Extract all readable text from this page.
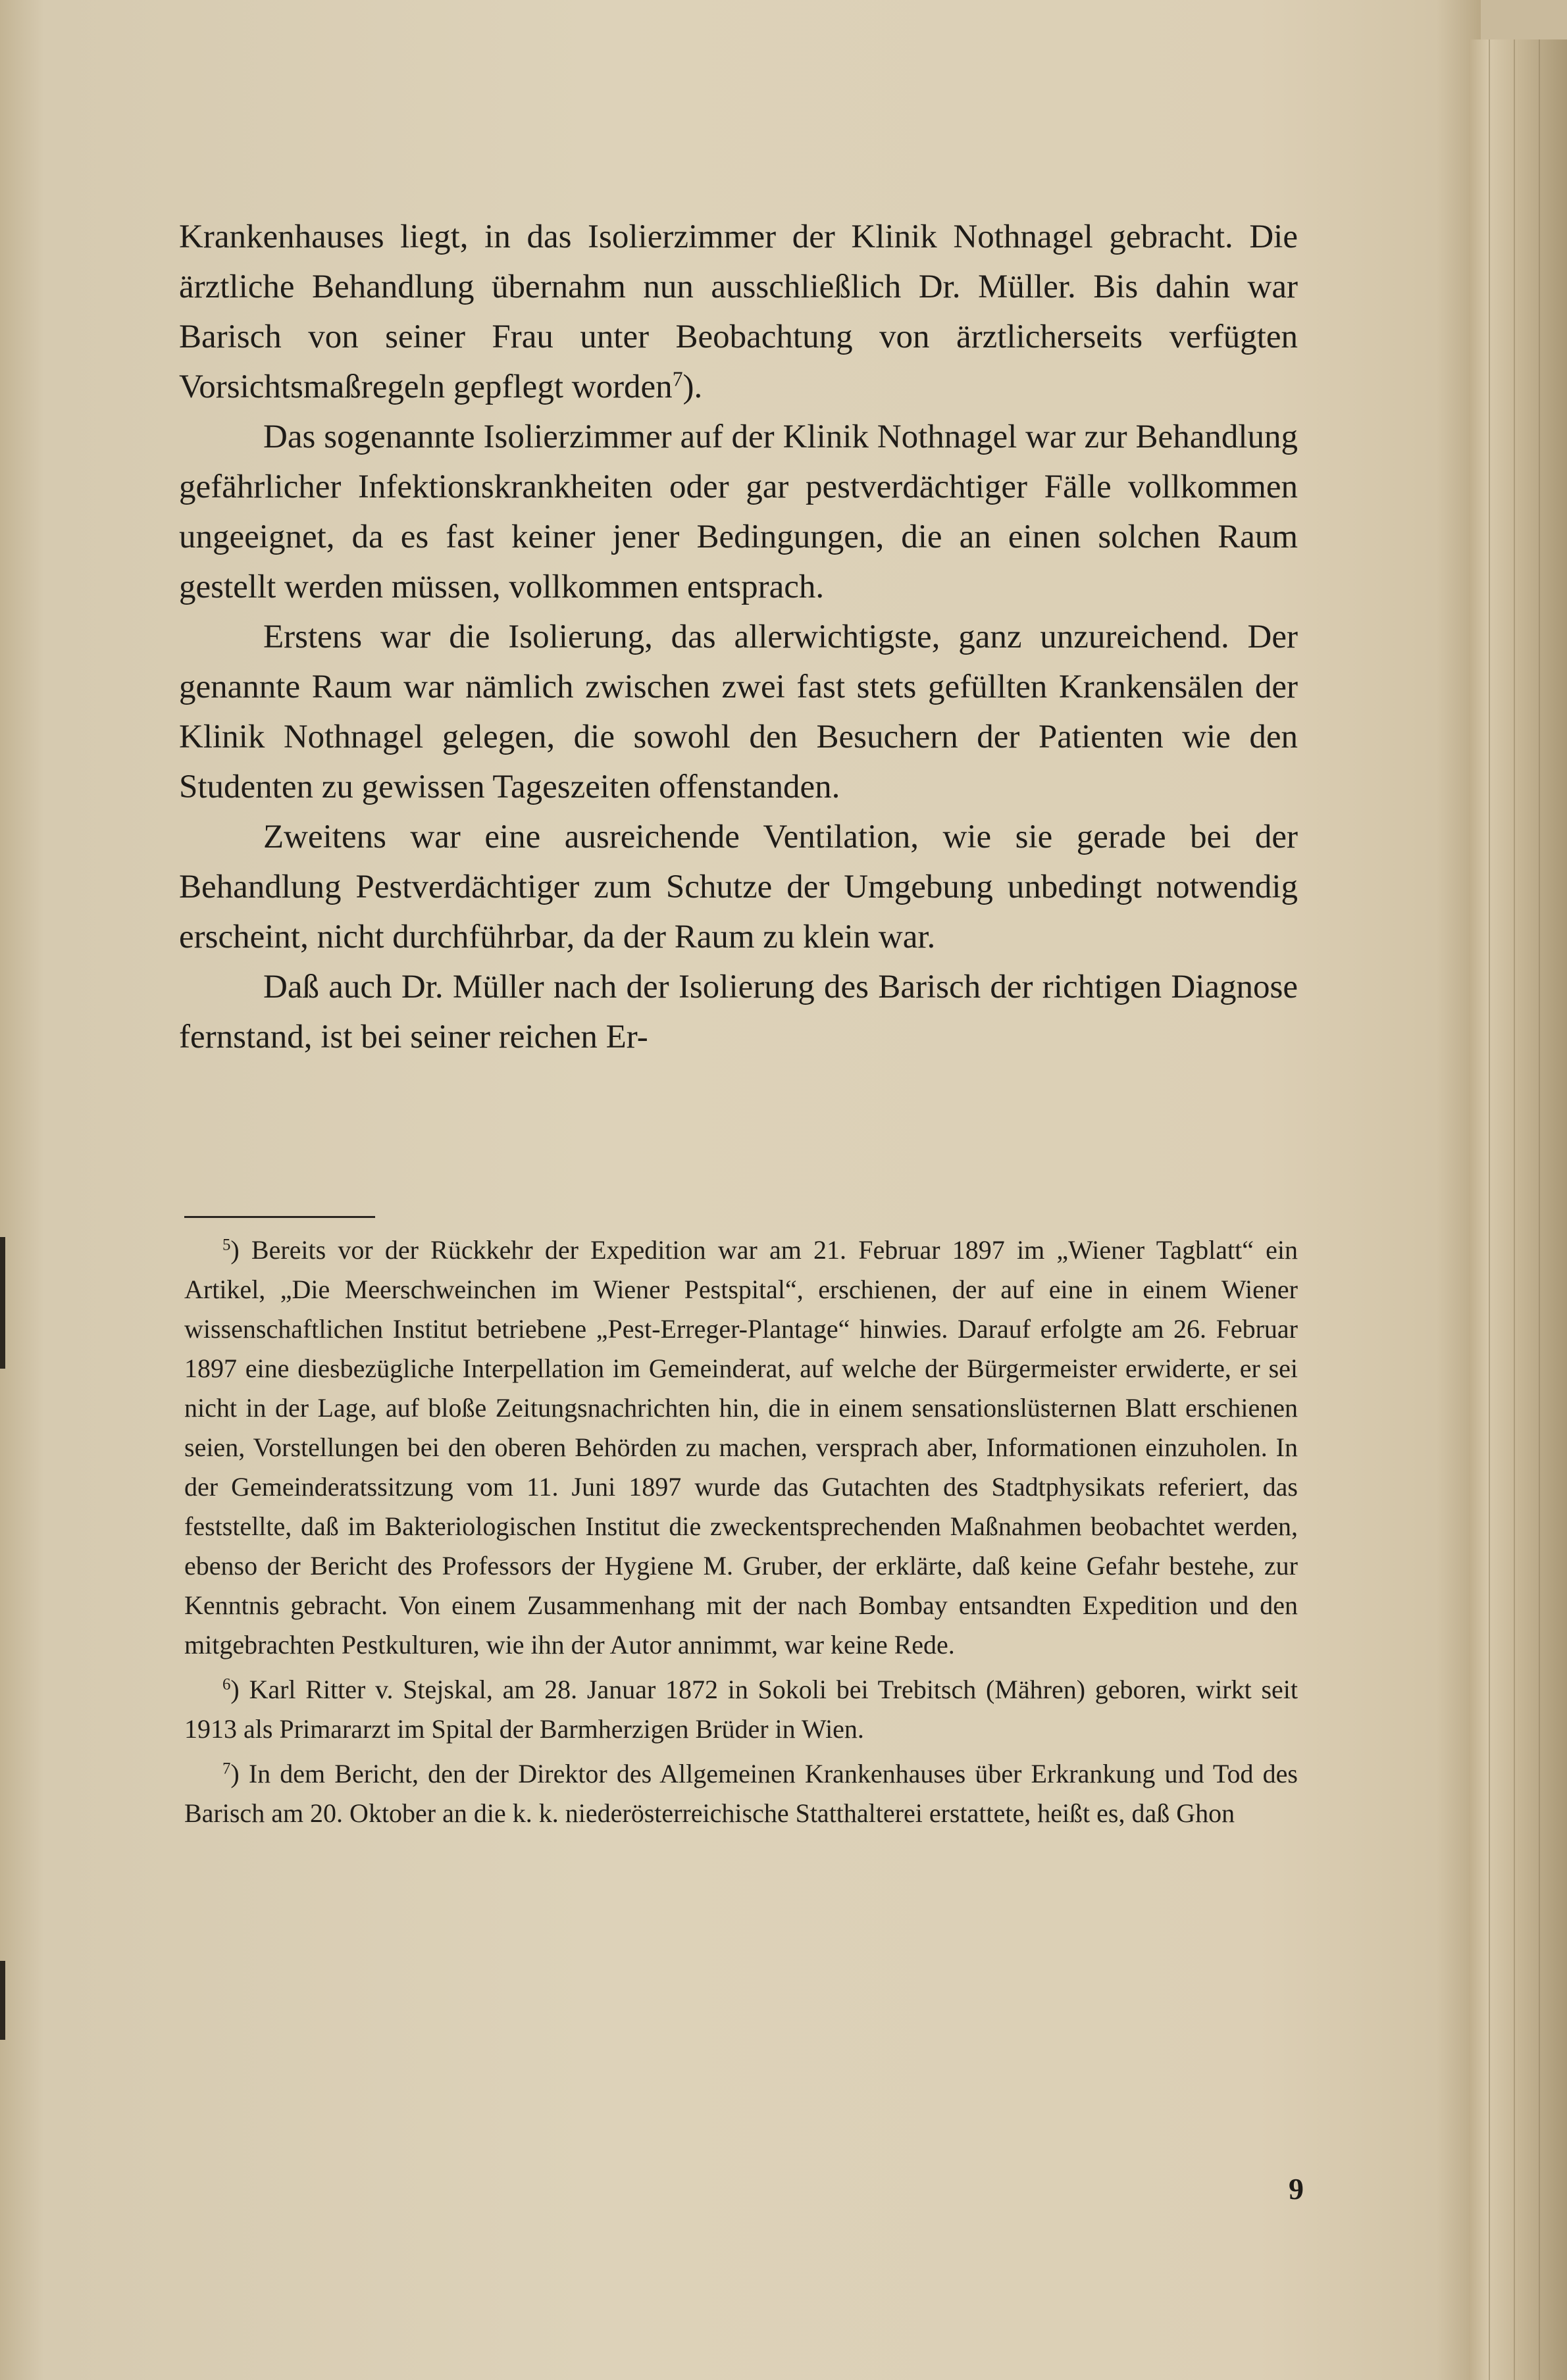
Krankenhauses liegt, in das Isolierzimmer der Klinik Nothnagel gebracht. Die ärztliche Behandlung übernahm nun ausschließlich Dr. Müller. Bis dahin war Barisch von seiner Frau unter Beobachtung von ärztlicherseits verfügten Vorsichtsmaßregeln gepflegt worden$^7$).

Das sogenannte Isolierzimmer auf der Klinik Nothnagel war zur Behandlung gefährlicher Infektionskrankheiten oder gar pestverdächtiger Fälle vollkommen ungeeignet, da es fast keiner jener Bedingungen, die an einen solchen Raum gestellt werden müssen, vollkommen entsprach.

Erstens war die Isolierung, das allerwichtigste, ganz unzureichend. Der genannte Raum war nämlich zwischen zwei fast stets gefüllten Krankensälen der Klinik Nothnagel gelegen, die sowohl den Besuchern der Patienten wie den Studenten zu gewissen Tageszeiten offenstanden.

Zweitens war eine ausreichende Ventilation, wie sie gerade bei der Behandlung Pestverdächtiger zum Schutze der Umgebung unbedingt notwendig erscheint, nicht durchführbar, da der Raum zu klein war.

Daß auch Dr. Müller nach der Isolierung des Barisch der richtigen Diagnose fernstand, ist bei seiner reichen Er-

$^5$) Bereits vor der Rückkehr der Expedition war am 21. Februar 1897 im „Wiener Tagblatt“ ein Artikel, „Die Meerschweinchen im Wiener Pestspital“, erschienen, der auf eine in einem Wiener wissenschaftlichen Institut betriebene „Pest-Erreger-Plantage“ hinwies. Darauf erfolgte am 26. Februar 1897 eine diesbezügliche Interpellation im Gemeinderat, auf welche der Bürgermeister erwiderte, er sei nicht in der Lage, auf bloße Zeitungsnachrichten hin, die in einem sensationslüsternen Blatt erschienen seien, Vorstellungen bei den oberen Behörden zu machen, versprach aber, Informationen einzuholen. In der Gemeinderatssitzung vom 11. Juni 1897 wurde das Gutachten des Stadtphysikats referiert, das feststellte, daß im Bakteriologischen Institut die zweckentsprechenden Maßnahmen beobachtet werden, ebenso der Bericht des Professors der Hygiene M. Gruber, der erklärte, daß keine Gefahr bestehe, zur Kenntnis gebracht. Von einem Zusammenhang mit der nach Bombay entsandten Expedition und den mitgebrachten Pestkulturen, wie ihn der Autor annimmt, war keine Rede.

$^6$) Karl Ritter v. Stejskal, am 28. Januar 1872 in Sokoli bei Trebitsch (Mähren) geboren, wirkt seit 1913 als Primararzt im Spital der Barmherzigen Brüder in Wien.

$^7$) In dem Bericht, den der Direktor des Allgemeinen Krankenhauses über Erkrankung und Tod des Barisch am 20. Oktober an die k. k. niederösterreichische Statthalterei erstattete, heißt es, daß Ghon

9
